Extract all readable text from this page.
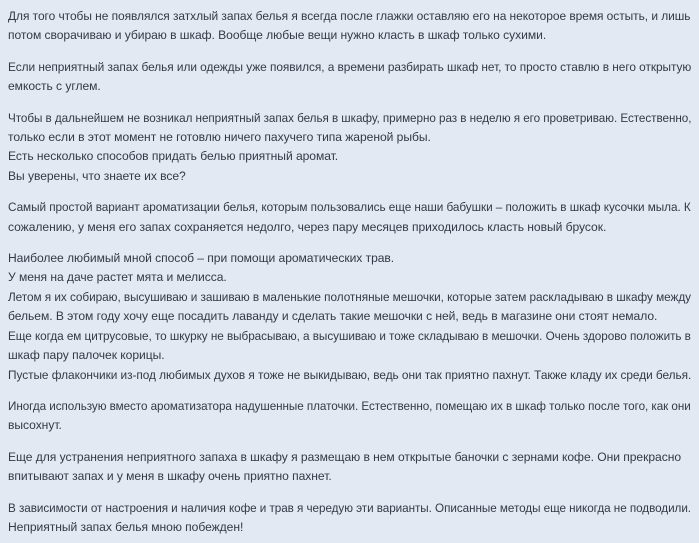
Для того чтобы не появлялся затхлый запах белья я всегда после глажки оставляю его на некоторое время остыть, и лишь
потом сворачиваю и убираю в шкаф. Вообще любые вещи нужно класть в шкаф только сухими.

Если неприятный запах белья или одежды уже появился, а времени разбирать шкаф нет, то просто ставлю в него открытую
емкость с углем.

Чтобы в дальнейшем не возникал неприятный запах белья в шкафу, примерно раз в неделю я его проветриваю. Естественно,
только если в этот момент не готовлю ничего пахучего типа жареной рыбы.
Есть несколько способов придать белью приятный аромат.
Вы уверены, что знаете их все?

Самый простой вариант ароматизации белья, которым пользовались еще наши бабушки – положить в шкаф кусочки мыла. К
сожалению, у меня его запах сохраняется недолго, через пару месяцев приходилось класть новый брусок.

Наиболее любимый мной способ – при помощи ароматических трав.
У меня на даче растет мята и мелисса.
Летом я их собираю, высушиваю и зашиваю в маленькие полотняные мешочки, которые затем раскладываю в шкафу между
бельем. В этом году хочу еще посадить лаванду и сделать такие мешочки с ней, ведь в магазине они стоят немало.
Еще когда ем цитрусовые, то шкурку не выбрасываю, а высушиваю и тоже складываю в мешочки. Очень здорово положить в
шкаф пару палочек корицы.
Пустые флакончики из-под любимых духов я тоже не выкидываю, ведь они так приятно пахнут. Также кладу их среди белья.

Иногда использую вместо ароматизатора надушенные платочки. Естественно, помещаю их в шкаф только после того, как они
высохнут.

Еще для устранения неприятного запаха в шкафу я размещаю в нем открытые баночки с зернами кофе. Они прекрасно
впитывают запах и у меня в шкафу очень приятно пахнет.

В зависимости от настроения и наличия кофе и трав я чередую эти варианты. Описанные методы еще никогда не подводили.
Неприятный запах белья мною побежден!
